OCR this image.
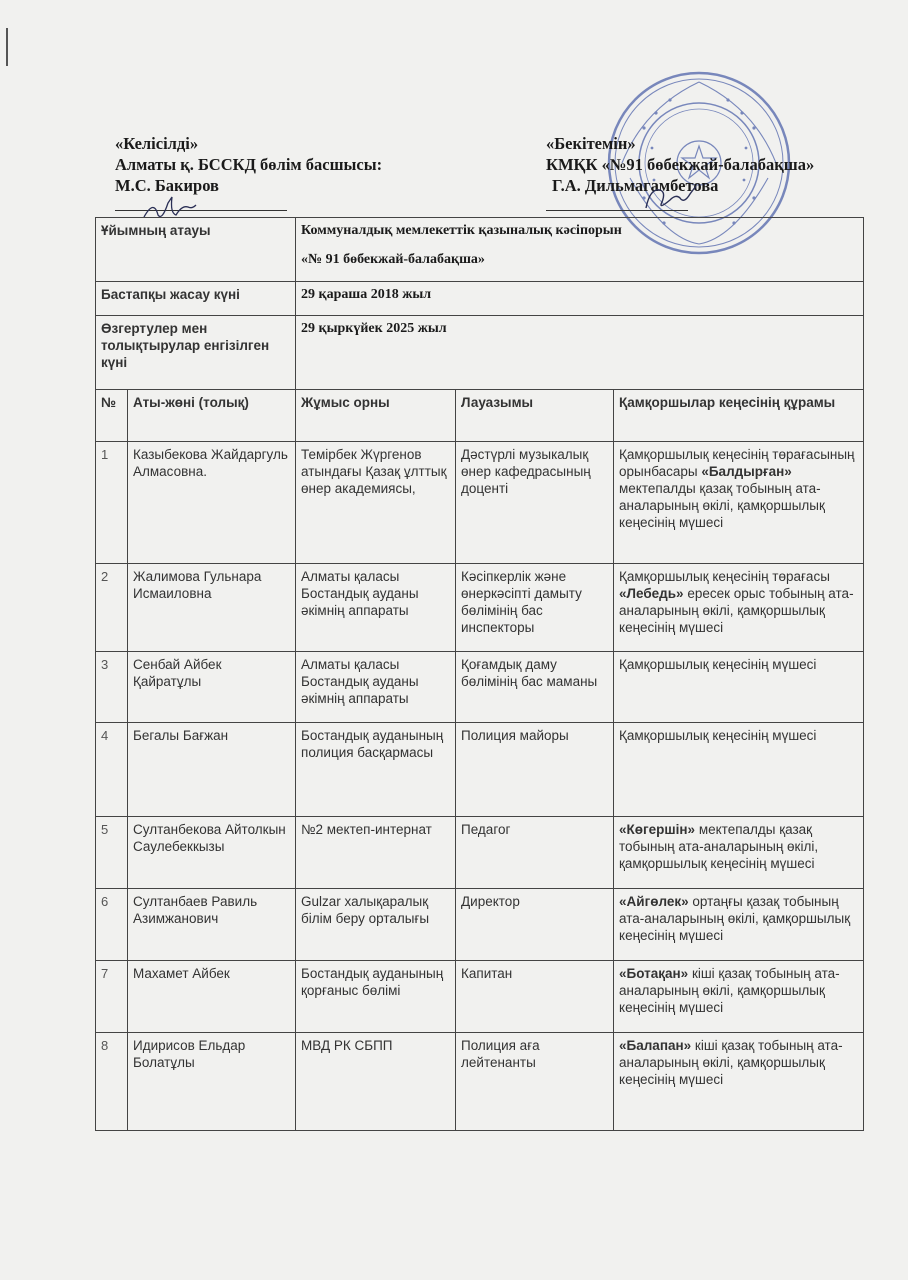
«Келісілді»
Алматы қ. БССКД бөлім басшысы:
М.С. Бакиров
«Бекітемін»
КМҚК «№91 бөбекжай-балабақша»
Г.А. Дильмагамбетова
Ұйымның атауы		Коммуналдық мемлекеттік қазыналық кәсіпорын

«№ 91 бөбекжай-балабақша»		

Бастапқы жасау күні		29 қараша 2018 жыл		
Өзгертулер мен толықтырулар енгізілген күні		29 қыркүйек 2025 жыл		
№	Аты-жөні (толық)	Жұмыс орны	Лауазымы	Қамқоршылар кеңесінің құрамы
1	Казыбекова Жайдаргуль Алмасовна.	Темірбек Жүргенов атындағы Қазақ ұлттық өнер академиясы,	Дәстүрлі музыкалық өнер кафедрасының доценті	Қамқоршылық кеңесінің төрағасының орынбасары «Балдырған» мектепалды қазақ тобының ата-аналарының өкілі, қамқоршылық кеңесінің мүшесі
2	Жалимова Гульнара Исмаиловна	Алматы қаласы Бостандық ауданы әкімнің аппараты	Кәсіпкерлік және өнеркәсіпті дамыту бөлімінің бас инспекторы	Қамқоршылық кеңесінің төрағасы «Лебедь» ересек орыс тобының ата-аналарының өкілі, қамқоршылық кеңесінің мүшесі
3	Сенбай Айбек Қайратұлы	Алматы қаласы Бостандық ауданы әкімнің аппараты	Қоғамдық даму бөлімінің бас маманы	Қамқоршылық кеңесінің мүшесі
4	Бегалы Бағжан	Бостандық ауданының полиция басқармасы	Полиция майоры	Қамқоршылық кеңесінің мүшесі
5	Султанбекова Айтолкын Саулебеккызы	№2 мектеп-интернат	Педагог	«Көгершін» мектепалды қазақ тобының ата-аналарының өкілі, қамқоршылық кеңесінің мүшесі
6	Султанбаев Равиль Азимжанович	Gulzar халықаралық білім беру орталығы	Директор	«Айгөлек» ортаңғы қазақ тобының ата-аналарының өкілі, қамқоршылық кеңесінің мүшесі
7	Махамет Айбек	Бостандық ауданының қорғаныс бөлімі	Капитан	«Ботақан» кіші қазақ тобының ата-аналарының өкілі, қамқоршылық кеңесінің мүшесі
8	Идирисов Ельдар Болатұлы	МВД РК СБПП	Полиция аға лейтенанты	«Балапан» кіші қазақ тобының ата-аналарының өкілі, қамқоршылық кеңесінің мүшесі
